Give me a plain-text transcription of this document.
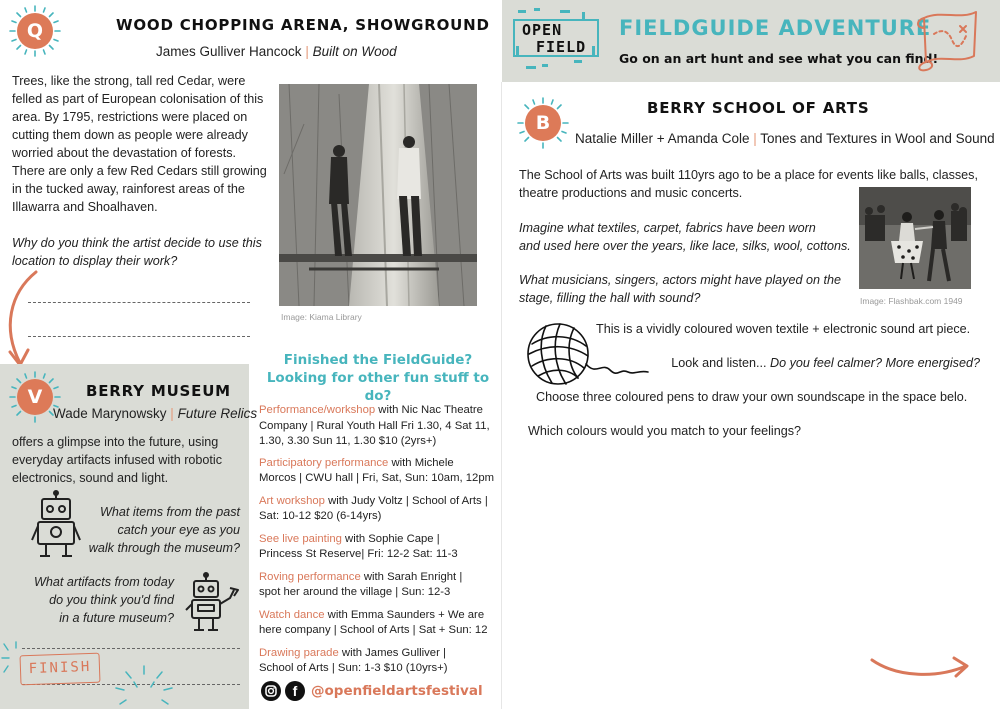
Q	WOOD CHOPPING ARENA, SHOWGROUND
James Gulliver Hancock | Built on Wood
Trees, like the strong, tall red Cedar, were
felled as part of European colonisation of this
area. By 1795, restrictions were placed on
cutting them down as people were already
worried about the devastation of forests.
There are only a few Red Cedars still growing
in the tucked away, rainforest areas of the
Illawarra and Shoalhaven.
Why do you think the artist decide to use this
location to display their work?
Image: Kiama Library
V	BERRY MUSEUM
Wade Marynowsky | Future Relics
offers a glimpse into the future, using
everyday artifacts infused with robotic
electronics, sound and light.
What items from the past
catch your eye as you
walk through the museum?
What artifacts from today
do you think you'd find
in a future museum?
FINISH
Finished the FieldGuide?
Looking for other fun stuff to do?
Performance/workshop with Nic Nac Theatre
Company | Rural Youth Hall Fri 1.30, 4 Sat 11,
1.30, 3.30 Sun 11, 1.30 $10 (2yrs+)
Participatory performance with Michele
Morcos | CWU hall | Fri, Sat, Sun: 10am, 12pm
Art workshop with Judy Voltz | School of Arts |
Sat: 10-12 $20 (6-14yrs)
See live painting with Sophie Cape |
Princess St Reserve| Fri: 12-2 Sat: 11-3
Roving performance with Sarah Enright |
spot her around the village | Sun: 12-3
Watch dance with Emma Saunders + We are
here company | School of Arts | Sat + Sun: 12
Drawing parade with James Gulliver |
School of Arts | Sun: 1-3 $10 (10yrs+)
f	@openfieldartsfestival
OPEN
FIELD
FIELDGUIDE ADVENTURE
Go on an art hunt and see what you can find!
B
BERRY SCHOOL OF ARTS
Natalie Miller + Amanda Cole | Tones and Textures in Wool and Sound
The School of Arts was built 110yrs ago to be a place for events like balls, classes,
theatre productions and music concerts.
Imagine what textiles, carpet, fabrics have been worn
and used here over the years, like lace, silks, wool, cottons.
What musicians, singers, actors might have played on the
stage, filling the hall with sound?	Image: Flashbak.com 1949
This is a vividly coloured woven textile + electronic sound art piece.
Look and listen... Do you feel calmer? More energised?
Choose three coloured pens to draw your own soundscape in the space belo.
Which colours would you match to your feelings?
